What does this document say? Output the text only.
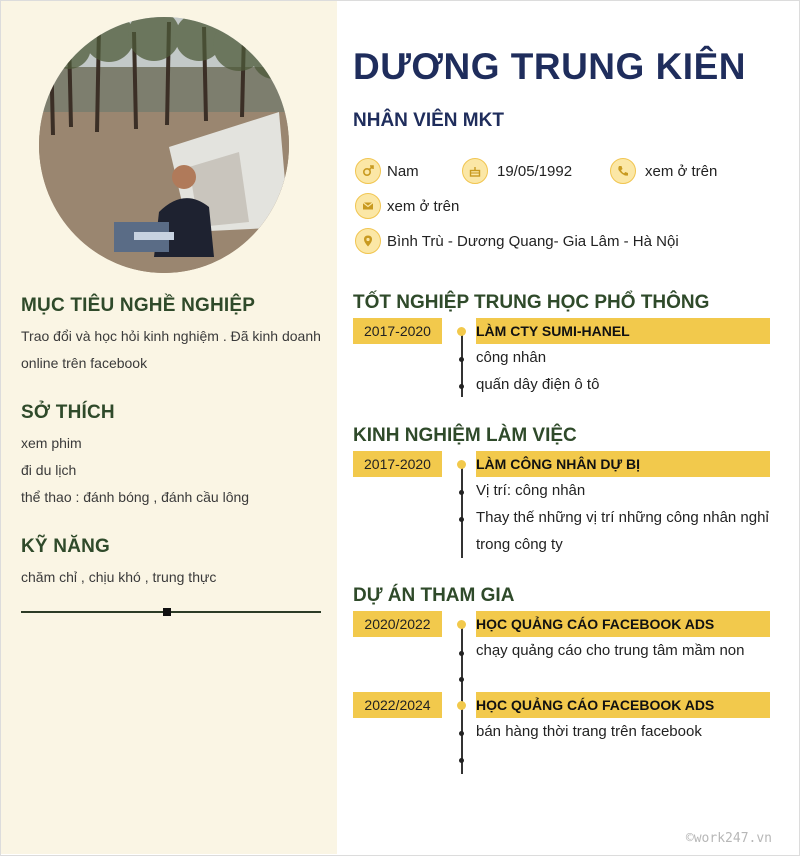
MỤC TIÊU NGHỀ NGHIỆP
Trao đổi và học hỏi kinh nghiệm . Đã kinh doanh
online trên facebook
SỞ THÍCH
xem phim
đi du lịch
thể thao : đánh bóng , đánh cầu lông
KỸ NĂNG
chăm chỉ , chịu khó , trung thực
DƯƠNG TRUNG KIÊN
NHÂN VIÊN MKT
Nam	19/05/1992	xem ở trên
xem ở trên
Bình Trù - Dương Quang- Gia Lâm - Hà Nội
TỐT NGHIỆP TRUNG HỌC PHỔ THÔNG
2017-2020	LÀM CTY SUMI-HANEL
công nhân
quấn dây điện ô tô
KINH NGHIỆM LÀM VIỆC
2017-2020	LÀM CÔNG NHÂN DỰ BỊ
Vị trí: công nhân
Thay thế những vị trí những công nhân nghỉ
trong công ty
DỰ ÁN THAM GIA
2020/2022	HỌC QUẢNG CÁO FACEBOOK ADS
chạy quảng cáo cho trung tâm mầm non
2022/2024	HỌC QUẢNG CÁO FACEBOOK ADS
bán hàng thời trang trên facebook
©work247.vn
